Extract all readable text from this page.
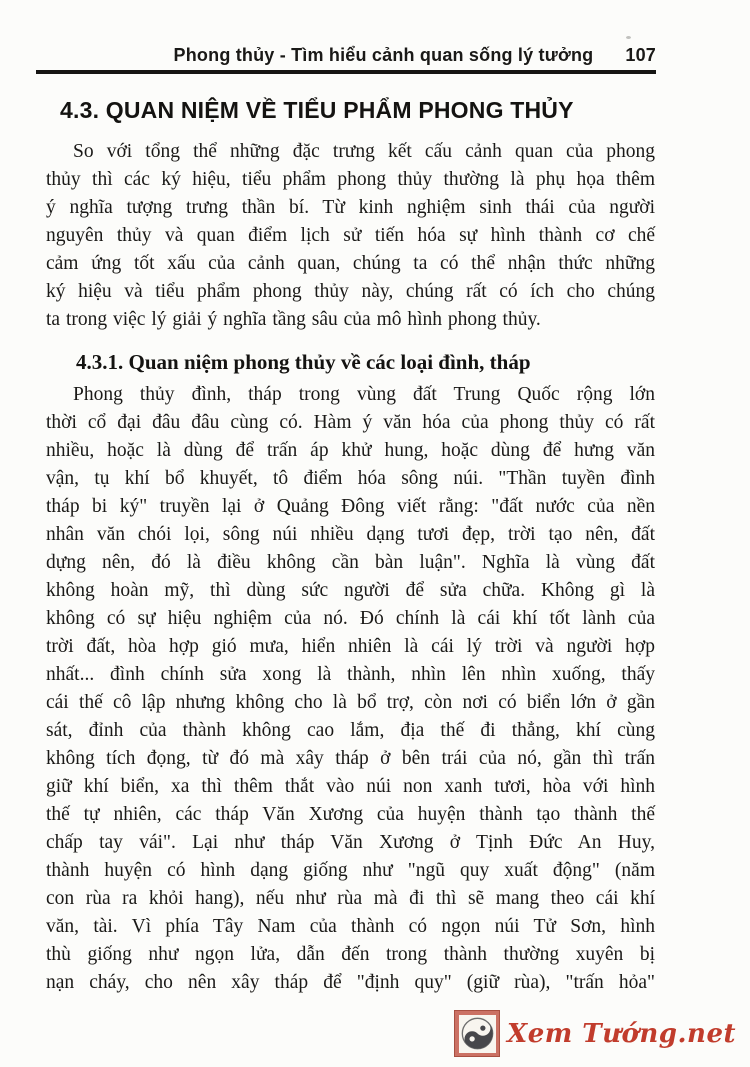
Phong thủy - Tìm hiểu cảnh quan sống lý tưởng 107
4.3. QUAN NIỆM VỀ TIỂU PHẨM PHONG THỦY
So với tổng thể những đặc trưng kết cấu cảnh quan của phong
thủy thì các ký hiệu, tiểu phẩm phong thủy thường là phụ họa thêm
ý nghĩa tượng trưng thần bí. Từ kinh nghiệm sinh thái của người
nguyên thủy và quan điểm lịch sử tiến hóa sự hình thành cơ chế
cảm ứng tốt xấu của cảnh quan, chúng ta có thể nhận thức những
ký hiệu và tiểu phẩm phong thủy này, chúng rất có ích cho chúng
ta trong việc lý giải ý nghĩa tầng sâu của mô hình phong thủy.
4.3.1. Quan niệm phong thủy về các loại đình, tháp
Phong thủy đình, tháp trong vùng đất Trung Quốc rộng lớn
thời cổ đại đâu đâu cùng có. Hàm ý văn hóa của phong thủy có rất
nhiều, hoặc là dùng để trấn áp khử hung, hoặc dùng để hưng văn
vận, tụ khí bổ khuyết, tô điểm hóa sông núi. "Thần tuyền đình
tháp bi ký" truyền lại ở Quảng Đông viết rằng: "đất nước của nền
nhân văn chói lọi, sông núi nhiều dạng tươi đẹp, trời tạo nên, đất
dựng nên, đó là điều không cần bàn luận". Nghĩa là vùng đất
không hoàn mỹ, thì dùng sức người để sửa chữa. Không gì là
không có sự hiệu nghiệm của nó. Đó chính là cái khí tốt lành của
trời đất, hòa hợp gió mưa, hiển nhiên là cái lý trời và người hợp
nhất... đình chính sửa xong là thành, nhìn lên nhìn xuống, thấy
cái thế cô lập nhưng không cho là bổ trợ, còn nơi có biển lớn ở gần
sát, đỉnh của thành không cao lắm, địa thế đi thẳng, khí cùng
không tích đọng, từ đó mà xây tháp ở bên trái của nó, gần thì trấn
giữ khí biển, xa thì thêm thắt vào núi non xanh tươi, hòa với hình
thế tự nhiên, các tháp Văn Xương của huyện thành tạo thành thế
chấp tay vái". Lại như tháp Văn Xương ở Tịnh Đức An Huy,
thành huyện có hình dạng giống như "ngũ quy xuất động" (năm
con rùa ra khỏi hang), nếu như rùa mà đi thì sẽ mang theo cái khí
văn, tài. Vì phía Tây Nam của thành có ngọn núi Tử Sơn, hình
thù giống như ngọn lửa, dẫn đến trong thành thường xuyên bị
nạn cháy, cho nên xây tháp để "định quy" (giữ rùa), "trấn hỏa"
Xem Tướng.net
